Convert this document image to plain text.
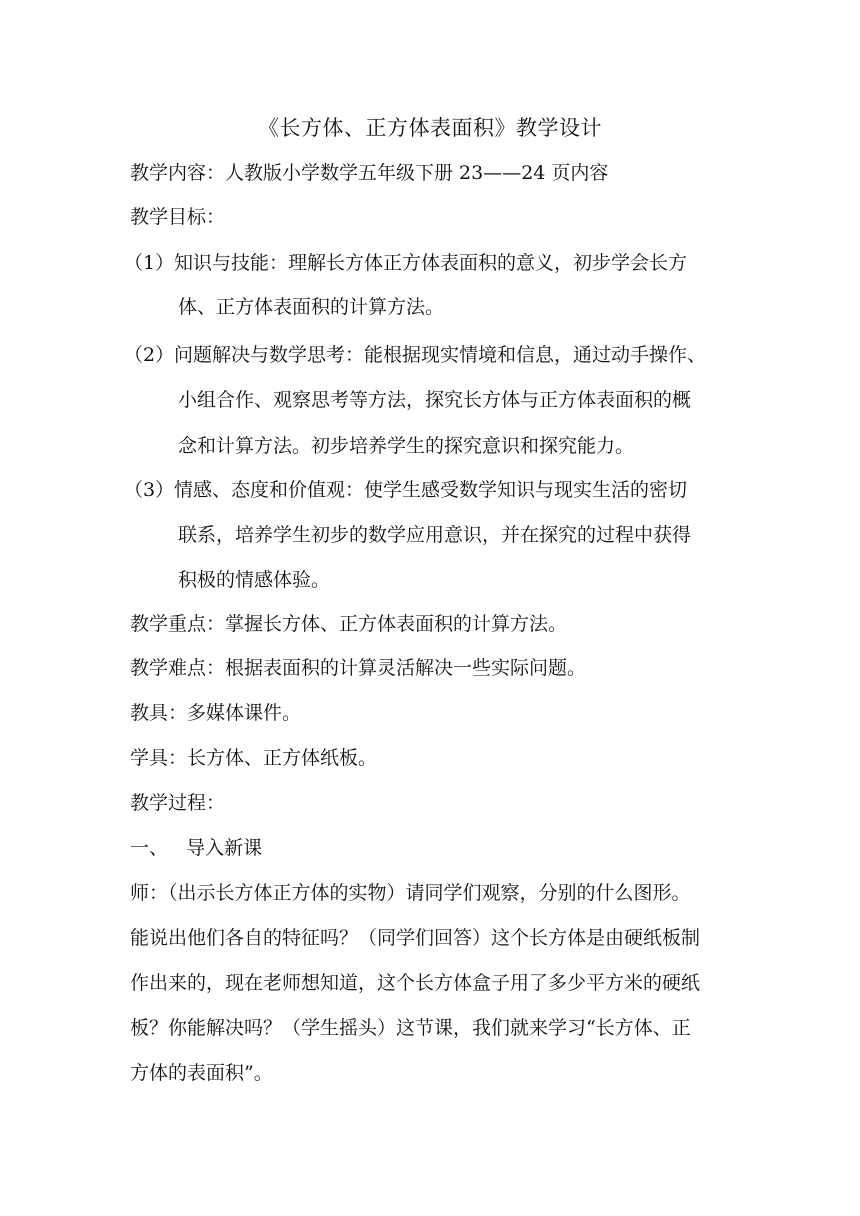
《长方体、正方体表面积》教学设计
教学内容：人教版小学数学五年级下册 23——24 页内容
教学目标：
（1）知识与技能：理解长方体正方体表面积的意义，初步学会长方
体、正方体表面积的计算方法。
（2）问题解决与数学思考：能根据现实情境和信息，通过动手操作、
小组合作、观察思考等方法，探究长方体与正方体表面积的概
念和计算方法。初步培养学生的探究意识和探究能力。
（3）情感、态度和价值观：使学生感受数学知识与现实生活的密切
联系，培养学生初步的数学应用意识，并在探究的过程中获得
积极的情感体验。
教学重点：掌握长方体、正方体表面积的计算方法。
教学难点：根据表面积的计算灵活解决一些实际问题。
教具：多媒体课件。
学具：长方体、正方体纸板。
教学过程：
一、   导入新课
师：（出示长方体正方体的实物）请同学们观察，分别的什么图形。
能说出他们各自的特征吗？（同学们回答）这个长方体是由硬纸板制
作出来的，现在老师想知道，这个长方体盒子用了多少平方米的硬纸
板？你能解决吗？（学生摇头）这节课，我们就来学习“长方体、正
方体的表面积”。
